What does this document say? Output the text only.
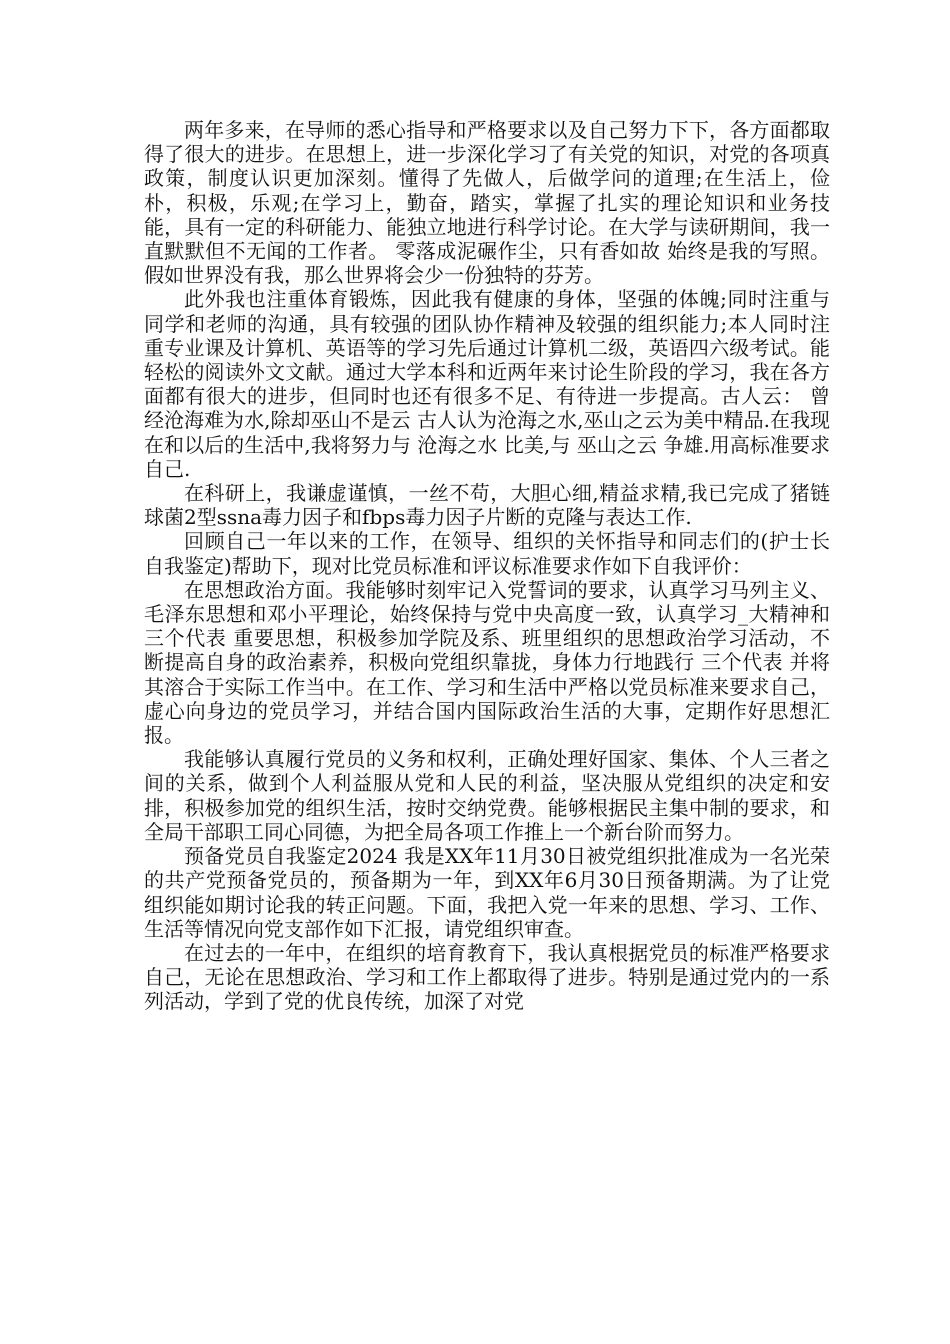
两年多来，在导师的悉心指导和严格要求以及自己努力下下，各方面都取得了很大的进步。在思想上，进一步深化学习了有关党的知识，对党的各项真政策，制度认识更加深刻。懂得了先做人，后做学问的道理;在生活上，俭朴，积极，乐观;在学习上，勤奋，踏实，掌握了扎实的理论知识和业务技能，具有一定的科研能力、能独立地进行科学讨论。在大学与读研期间，我一直默默但不无闻的工作者。 零落成泥碾作尘，只有香如故 始终是我的写照。假如世界没有我，那么世界将会少一份独特的芬芳。

此外我也注重体育锻炼，因此我有健康的身体，坚强的体魄;同时注重与同学和老师的沟通，具有较强的团队协作精神及较强的组织能力;本人同时注重专业课及计算机、英语等的学习先后通过计算机二级，英语四六级考试。能轻松的阅读外文文献。通过大学本科和近两年来讨论生阶段的学习，我在各方面都有很大的进步，但同时也还有很多不足、有待进一步提高。古人云： 曾经沧海难为水,除却巫山不是云 古人认为沧海之水,巫山之云为美中精品.在我现在和以后的生活中,我将努力与 沧海之水 比美,与 巫山之云 争雄.用高标准要求自己.

在科研上，我谦虚谨慎，一丝不苟，大胆心细,精益求精,我已完成了猪链球菌2型ssna毒力因子和fbps毒力因子片断的克隆与表达工作.

回顾自己一年以来的工作，在领导、组织的关怀指导和同志们的(护士长自我鉴定)帮助下，现对比党员标准和评议标准要求作如下自我评价：

在思想政治方面。我能够时刻牢记入党誓词的要求，认真学习马列主义、毛泽东思想和邓小平理论，始终保持与党中央高度一致，认真学习_大精神和 三个代表 重要思想，积极参加学院及系、班里组织的思想政治学习活动，不断提高自身的政治素养，积极向党组织靠拢，身体力行地践行 三个代表 并将其溶合于实际工作当中。在工作、学习和生活中严格以党员标准来要求自己，虚心向身边的党员学习，并结合国内国际政治生活的大事，定期作好思想汇报。

我能够认真履行党员的义务和权利，正确处理好国家、集体、个人三者之间的关系，做到个人利益服从党和人民的利益，坚决服从党组织的决定和安排，积极参加党的组织生活，按时交纳党费。能够根据民主集中制的要求，和全局干部职工同心同德，为把全局各项工作推上一个新台阶而努力。

预备党员自我鉴定2024 我是XX年11月30日被党组织批准成为一名光荣的共产党预备党员的，预备期为一年，到XX年6月30日预备期满。为了让党组织能如期讨论我的转正问题。下面，我把入党一年来的思想、学习、工作、生活等情况向党支部作如下汇报，请党组织审查。

在过去的一年中，在组织的培育教育下，我认真根据党员的标准严格要求自己，无论在思想政治、学习和工作上都取得了进步。特别是通过党内的一系列活动，学到了党的优良传统，加深了对党
